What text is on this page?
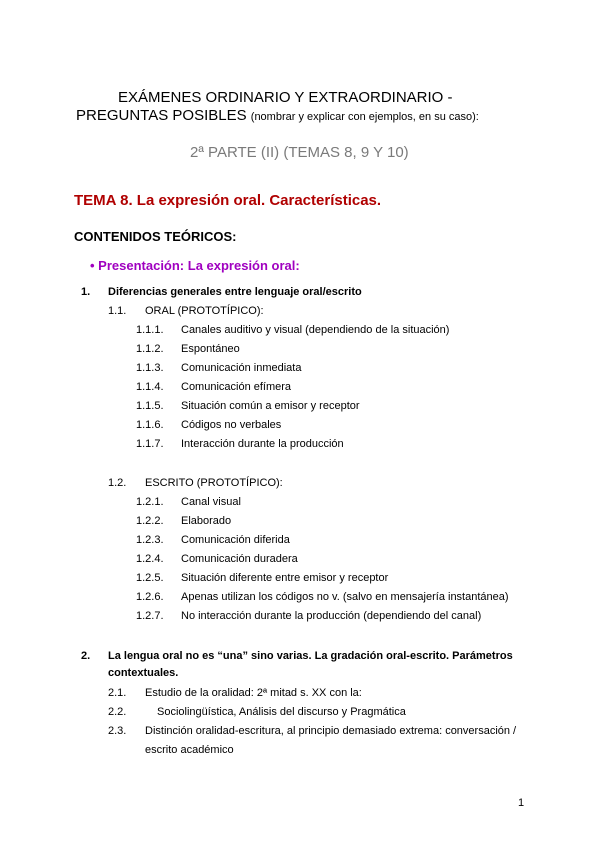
EXÁMENES ORDINARIO Y EXTRAORDINARIO -
PREGUNTAS POSIBLES (nombrar y explicar con ejemplos, en su caso):
2ª PARTE (II) (TEMAS 8, 9 Y 10)
TEMA 8. La expresión oral. Características.
CONTENIDOS TEÓRICOS:
• Presentación: La expresión oral:
1. Diferencias generales entre lenguaje oral/escrito
1.1. ORAL (PROTOTÍPICO):
1.1.1. Canales auditivo y visual (dependiendo de la situación)
1.1.2. Espontáneo
1.1.3. Comunicación inmediata
1.1.4. Comunicación efímera
1.1.5. Situación común a emisor y receptor
1.1.6. Códigos no verbales
1.1.7. Interacción durante la producción
1.2. ESCRITO (PROTOTÍPICO):
1.2.1. Canal visual
1.2.2. Elaborado
1.2.3. Comunicación diferida
1.2.4. Comunicación duradera
1.2.5. Situación diferente entre emisor y receptor
1.2.6. Apenas utilizan los códigos no v. (salvo en mensajería instantánea)
1.2.7. No interacción durante la producción (dependiendo del canal)
2. La lengua oral no es “una” sino varias. La gradación oral-escrito. Parámetros
contextuales.
2.1. Estudio de la oralidad: 2ª mitad s. XX con la:
2.2.	Sociolingüística, Análisis del discurso y Pragmática
2.3. Distinción oralidad-escritura, al principio demasiado extrema: conversación /
escrito académico
1
